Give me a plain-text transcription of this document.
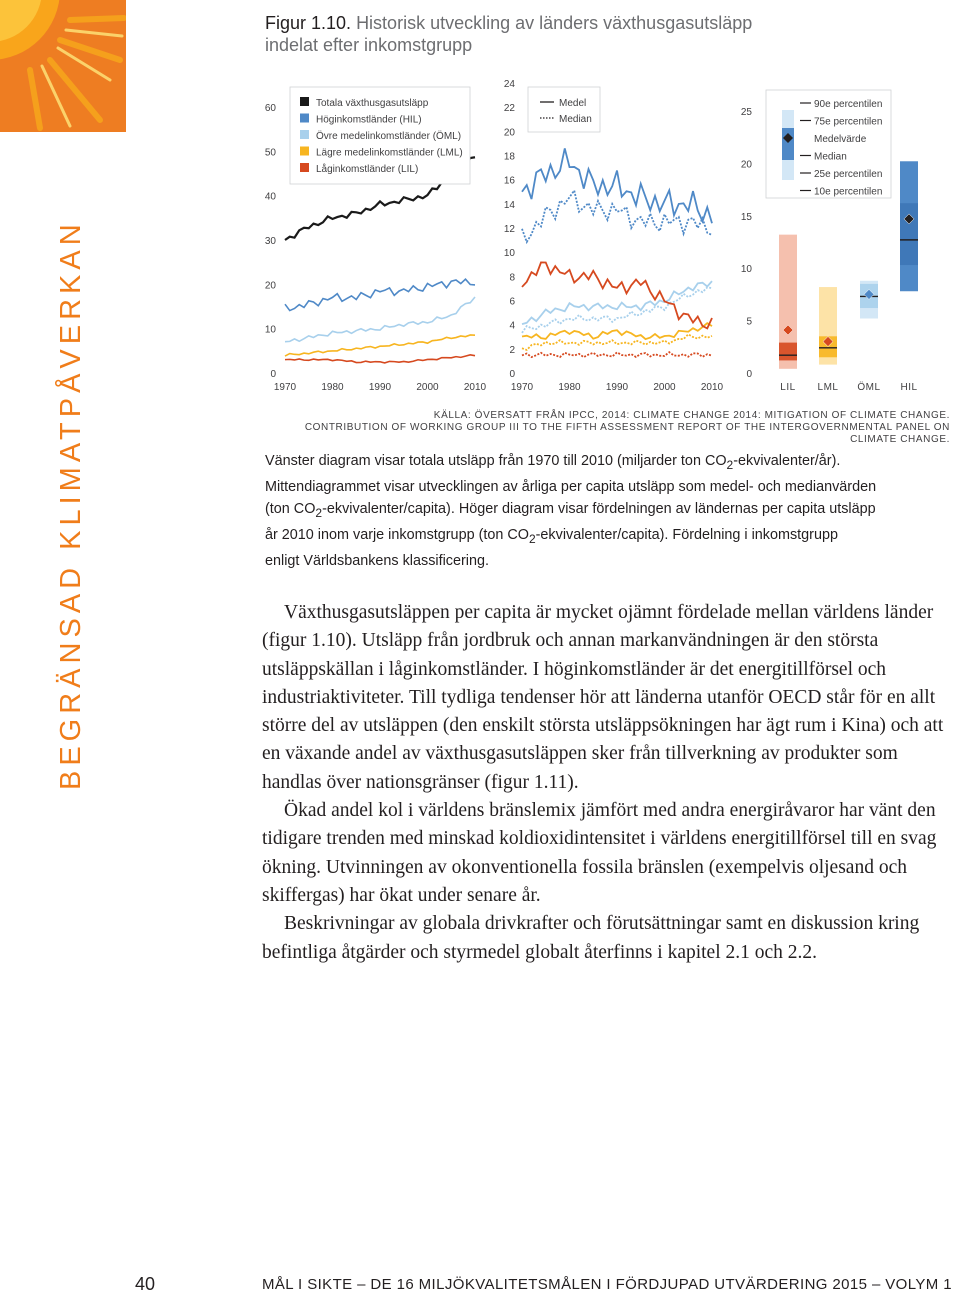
BEGRÄNSAD KLIMATPÅVERKAN
Figur 1.10. Historisk utveckling av länders växthusgasutsläpp
indelat efter inkomstgrupp
0
10
20
30
40
50
60
1970	1980	1990	2000	2010
Totala växthusgasutsläpp
Höginkomstländer (HIL)
Övre medelinkomstländer (ÖML)
Lägre medelinkomstländer (LML)
Låginkomstländer (LIL)
0
2
4
6
8
10
12
14
16
18
20
22
24
1970	1980	1990	2000	2010
Medel
Median
0
5
10
15
20
25
LIL LML ÖML HIL
90e percentilen
75e percentilen
Medelvärde
Median
25e percentilen
10e percentilen
KÄLLA: ÖVERSATT FRÅN IPCC, 2014: CLIMATE CHANGE 2014: MITIGATION OF CLIMATE CHANGE.
CONTRIBUTION OF WORKING GROUP III TO THE FIFTH ASSESSMENT REPORT OF THE INTERGOVERNMENTAL PANEL ON CLIMATE CHANGE.

Vänster diagram visar totala utsläpp från 1970 till 2010 (miljarder ton $CO_2-ekvivalenter/år$).

Mittendiagrammet visar utvecklingen av årliga per capita utsläpp som medel- och medianvärden

(ton $CO_2-ekvivalenter/capita$). Höger diagram visar fördelningen av ländernas per capita utsläpp

år 2010 inom varje inkomstgrupp (ton $CO_2-ekvivalenter/capita$). Fördelning i inkomstgrupp

enligt Världsbankens klassificering.

Växthusgasutsläppen per capita är mycket ojämnt fördelade mellan världens länder (figur 1.10). Utsläpp från jordbruk och annan markanvändningen är den största utsläppskällan i låginkomstländer. I höginkomstländer är det energitillförsel och industriaktiviteter. Till tydliga tendenser hör att länderna utanför OECD står för en allt större del av utsläppen (den enskilt största utsläppsökningen har ägt rum i Kina) och att en växande andel av växthusgasutsläppen sker från tillverkning av produkter som handlas över nationsgränser (figur 1.11).

Ökad andel kol i världens bränslemix jämfört med andra energiråvaror har vänt den tidigare trenden med minskad koldioxidintensitet i världens energitillförsel till en svag ökning. Utvinningen av okonventionella fossila bränslen (exempelvis oljesand och skiffergas) har ökat under senare år.

Beskrivningar av globala drivkrafter och förutsättningar samt en diskussion kring befintliga åtgärder och styrmedel globalt återfinns i kapitel 2.1 och 2.2.

40	MÅL I SIKTE – DE 16 MILJÖKVALITETSMÅLEN I FÖRDJUPAD UTVÄRDERING 2015 – VOLYM 1
